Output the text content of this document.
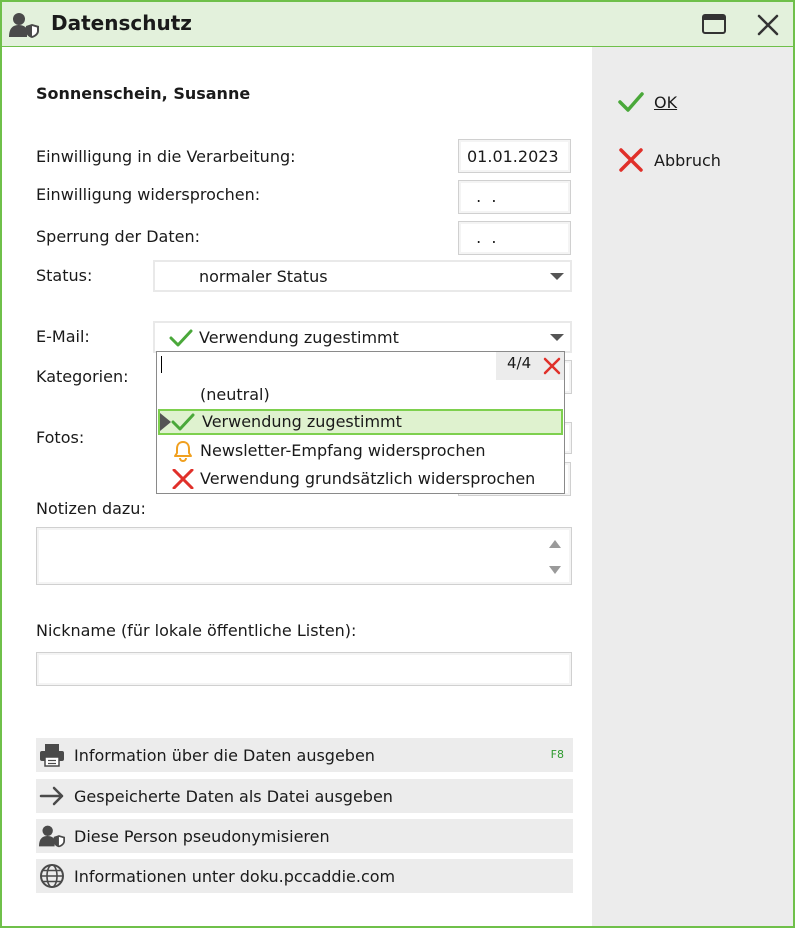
Datenschutz
OK
Abbruch
Sonnenschein, Susanne
Einwilligung in die Verarbeitung:	01.01.2023
Einwilligung widersprochen:	.  .
Sperrung der Daten:	.  .
Status:	normaler Status
E-Mail:	Verwendung zugestimmt
Kategorien:
Fotos:
Notizen dazu:
Nickname (für lokale öffentliche Listen):
Information über die Daten ausgeben	F8
Gespeicherte Daten als Datei ausgeben
Diese Person pseudonymisieren
Informationen unter doku.pccaddie.com
4/4
(neutral)
Verwendung zugestimmt
Newsletter-Empfang widersprochen
Verwendung grundsätzlich widersprochen
